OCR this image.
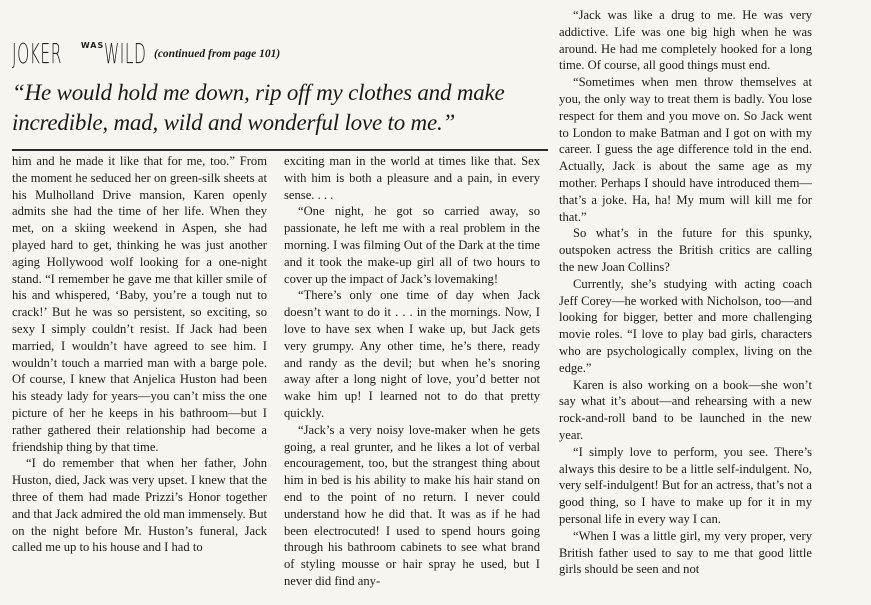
JOKER WAS WILD (continued from page 101)

“He would hold me down, rip off my clothes and make incredible, mad, wild and wonderful love to me.”

him and he made it like that for me, too.” From the moment he seduced her on green-silk sheets at his Mulholland Drive mansion, Karen openly admits she had the time of her life. When they met, on a skiing weekend in Aspen, she had played hard to get, thinking he was just another aging Hollywood wolf looking for a one-night stand. “I remember he gave me that killer smile of his and whispered, ‘Baby, you’re a tough nut to crack!’ But he was so persistent, so exciting, so sexy I simply couldn’t resist. If Jack had been married, I wouldn’t have agreed to see him. I wouldn’t touch a married man with a barge pole. Of course, I knew that Anjelica Huston had been his steady lady for years—you can’t miss the one picture of her he keeps in his bathroom—but I rather gathered their relationship had become a friendship thing by that time.

“I do remember that when her father, John Huston, died, Jack was very upset. I knew that the three of them had made Prizzi’s Honor together and that Jack admired the old man immensely. But on the night before Mr. Huston’s funeral, Jack called me up to his house and I had to

exciting man in the world at times like that. Sex with him is both a pleasure and a pain, in every sense. . . .

“One night, he got so carried away, so passionate, he left me with a real problem in the morning. I was filming Out of the Dark at the time and it took the make-up girl all of two hours to cover up the impact of Jack’s lovemaking!

“There’s only one time of day when Jack doesn’t want to do it . . . in the mornings. Now, I love to have sex when I wake up, but Jack gets very grumpy. Any other time, he’s there, ready and randy as the devil; but when he’s snoring away after a long night of love, you’d better not wake him up! I learned not to do that pretty quickly.

“Jack’s a very noisy love-maker when he gets going, a real grunter, and he likes a lot of verbal encouragement, too, but the strangest thing about him in bed is his ability to make his hair stand on end to the point of no return. I never could understand how he did that. It was as if he had been electrocuted! I used to spend hours going through his bathroom cabinets to see what brand of styling mousse or hair spray he used, but I never did find any-

“Jack was like a drug to me. He was very addictive. Life was one big high when he was around. He had me completely hooked for a long time. Of course, all good things must end.

“Sometimes when men throw themselves at you, the only way to treat them is badly. You lose respect for them and you move on. So Jack went to London to make Batman and I got on with my career. I guess the age difference told in the end. Actually, Jack is about the same age as my mother. Perhaps I should have introduced them—that’s a joke. Ha, ha! My mum will kill me for that.”

So what’s in the future for this spunky, outspoken actress the British critics are calling the new Joan Collins?

Currently, she’s studying with acting coach Jeff Corey—he worked with Nicholson, too—and looking for bigger, better and more challenging movie roles. “I love to play bad girls, characters who are psychologically complex, living on the edge.”

Karen is also working on a book—she won’t say what it’s about—and rehearsing with a new rock-and-roll band to be launched in the new year.

“I simply love to perform, you see. There’s always this desire to be a little self-indulgent. No, very self-indulgent! But for an actress, that’s not a good thing, so I have to make up for it in my personal life in every way I can.

“When I was a little girl, my very proper, very British father used to say to me that good little girls should be seen and not
